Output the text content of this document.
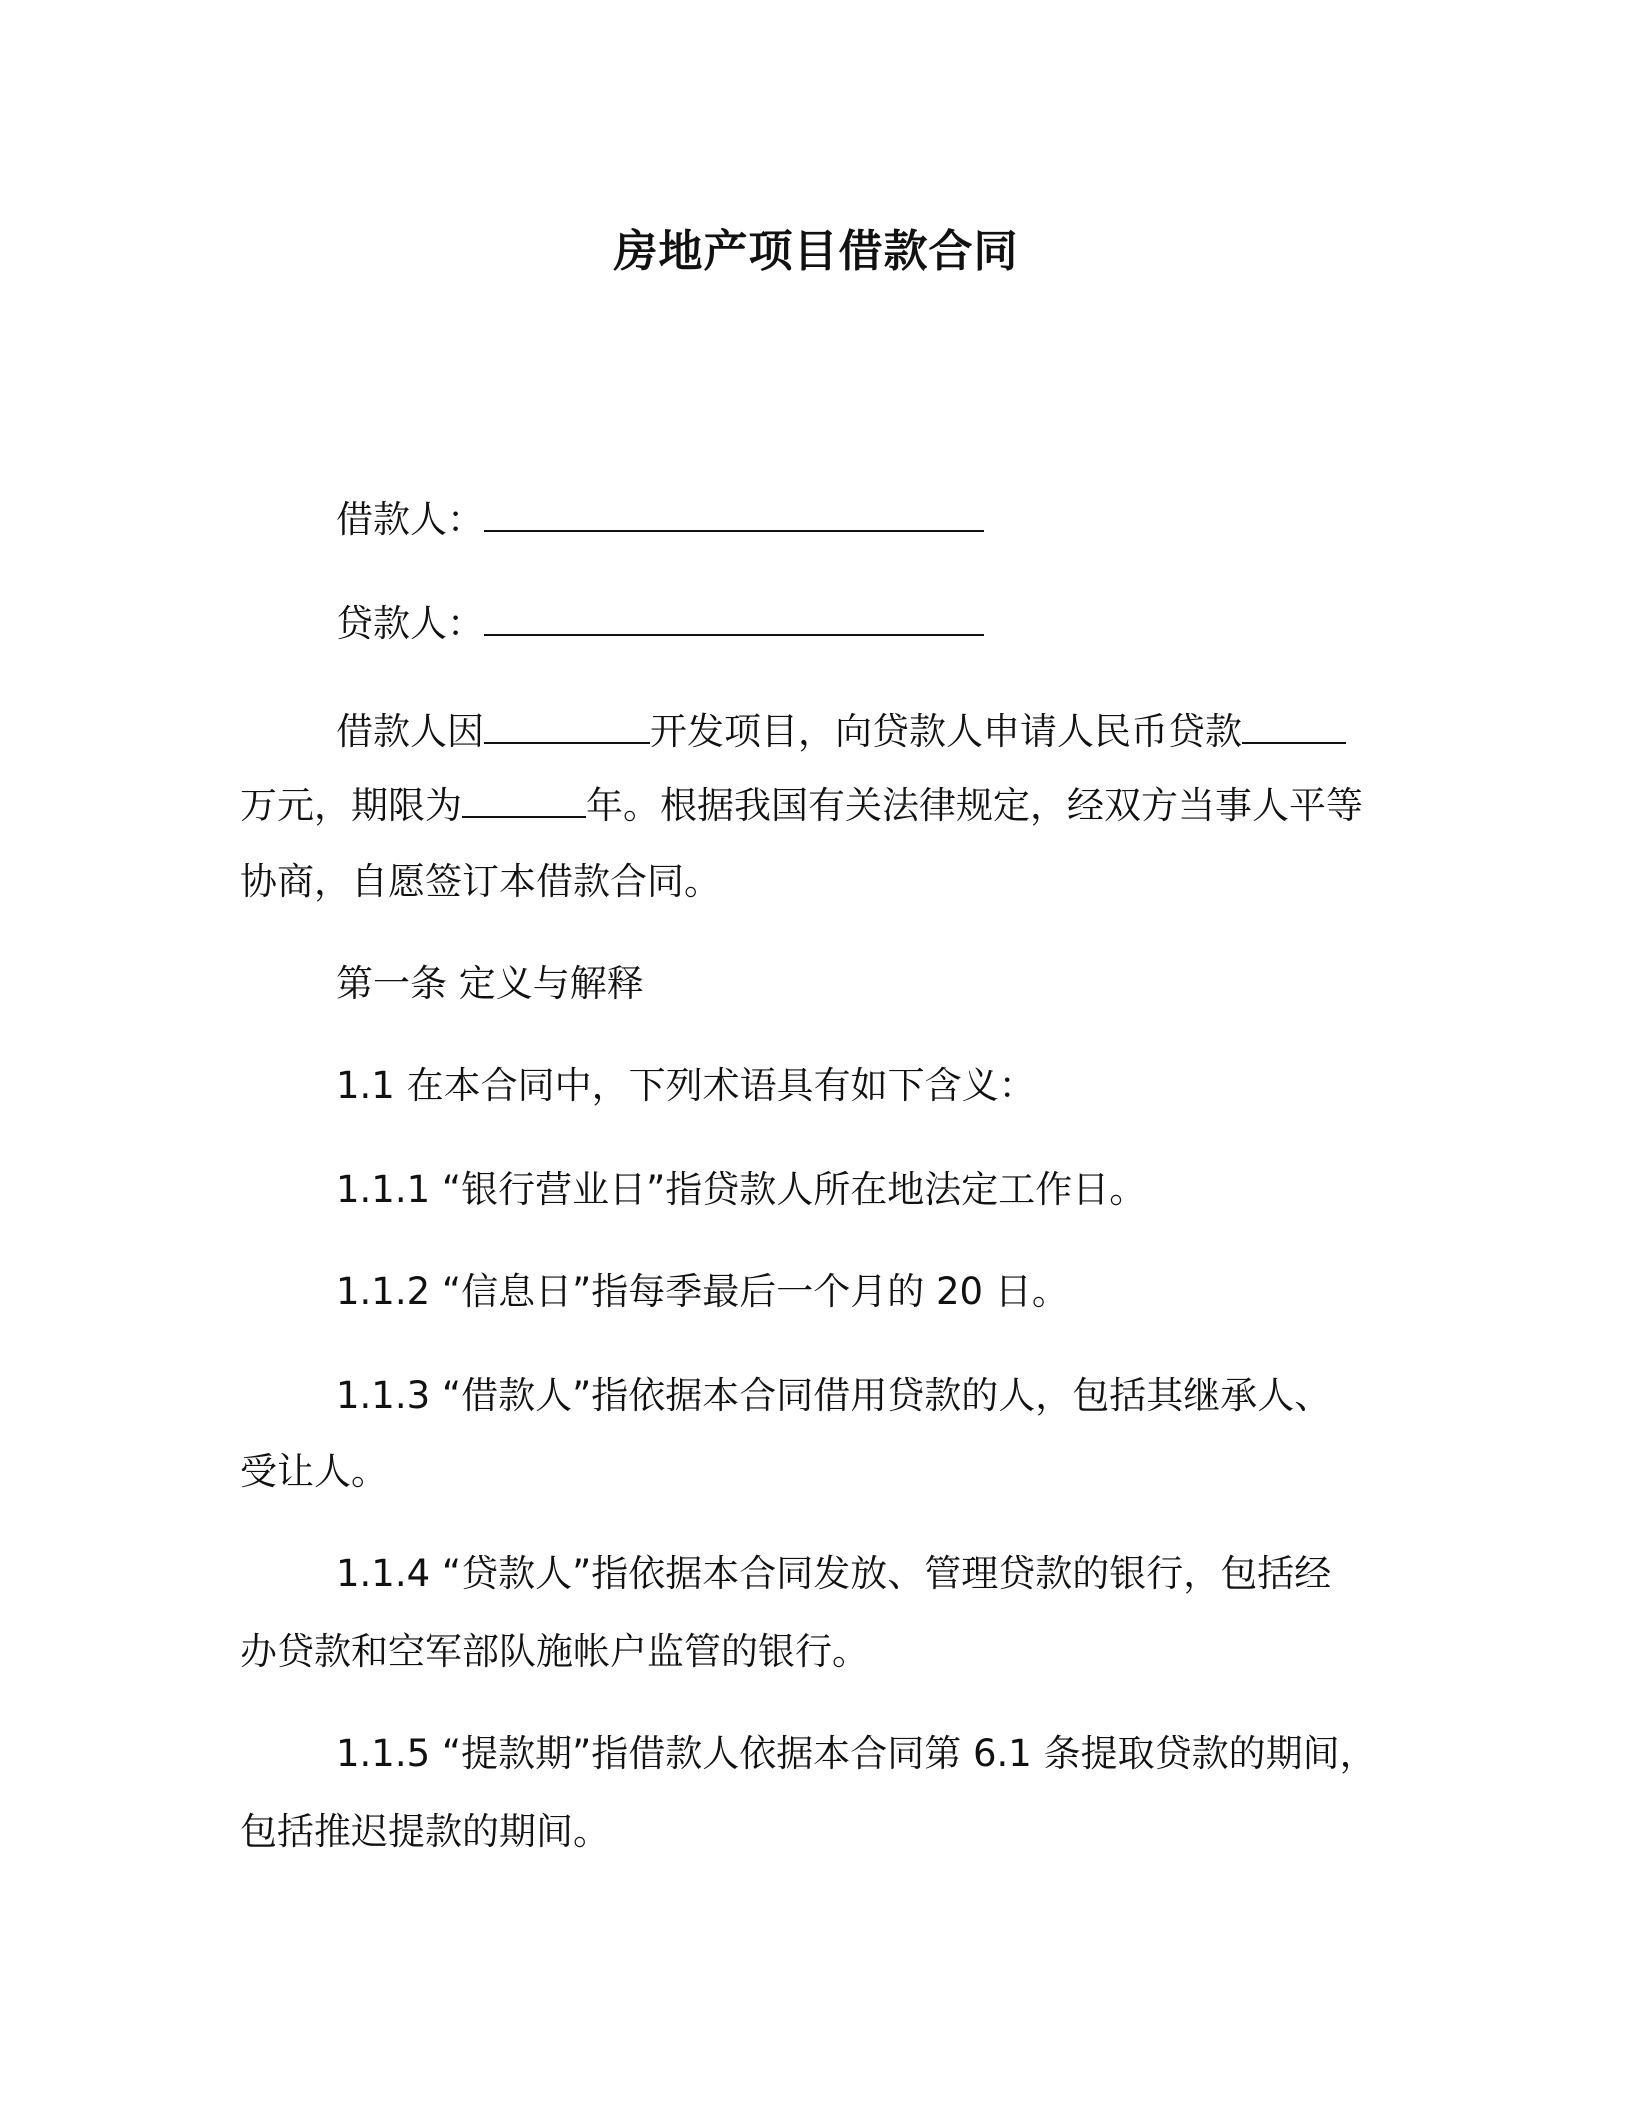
房地产项目借款合同
借款人：
贷款人：
借款人因	开发项目，向贷款人申请人民币贷款
万元，期限为	年。根据我国有关法律规定，经双方当事人平等
协商，自愿签订本借款合同。
第一条 定义与解释
1.1 在本合同中，下列术语具有如下含义：
1.1.1 “银行营业日”指贷款人所在地法定工作日。
1.1.2 “信息日”指每季最后一个月的 20 日。
1.1.3 “借款人”指依据本合同借用贷款的人，包括其继承人、
受让人。
1.1.4 “贷款人”指依据本合同发放、管理贷款的银行，包括经
办贷款和空军部队施帐户监管的银行。
1.1.5 “提款期”指借款人依据本合同第 6.1 条提取贷款的期间，
包括推迟提款的期间。
